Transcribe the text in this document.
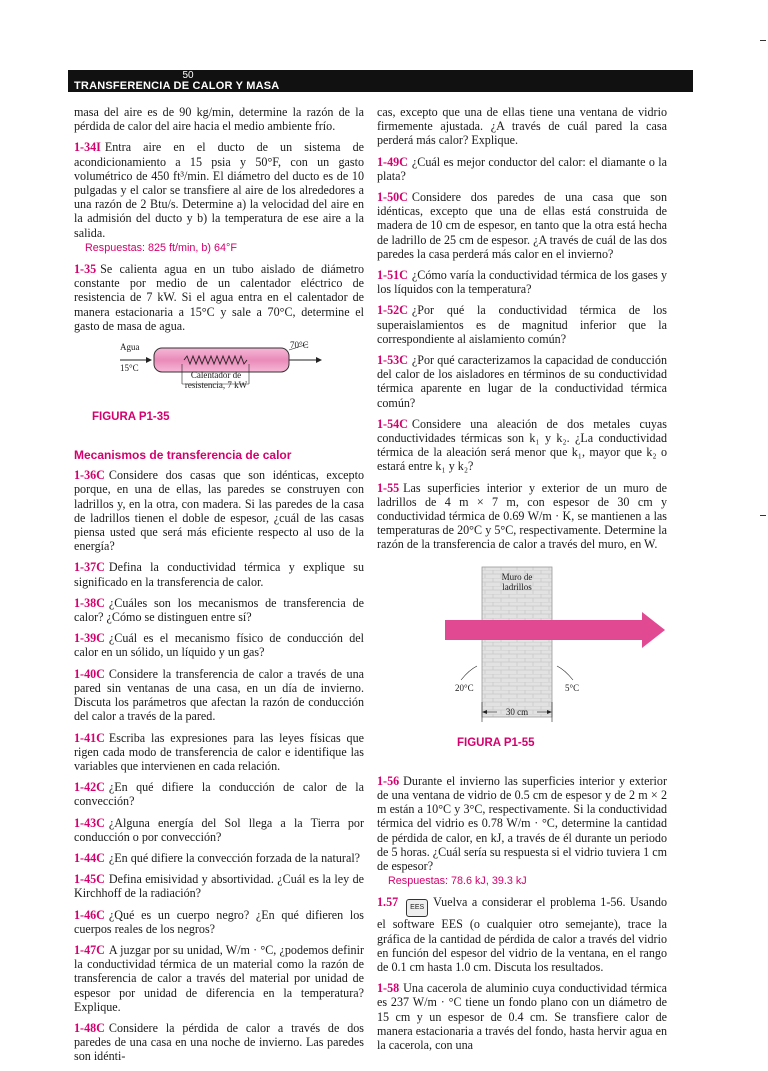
50
TRANSFERENCIA DE CALOR Y MASA

masa del aire es de 90 kg/min, determine la razón de la pérdida de calor del aire hacia el medio ambiente frío.

1-34I Entra aire en el ducto de un sistema de acondicionamiento a 15 psia y 50°F, con un gasto volumétrico de 450 ft³/min. El diámetro del ducto es de 10 pulgadas y el calor se transfiere al aire de los alrededores a una razón de 2 Btu/s. Determine a) la velocidad del aire en la admisión del ducto y b) la temperatura de ese aire a la salida.

Respuestas: 825 ft/min, b) 64°F

1-35 Se calienta agua en un tubo aislado de diámetro constante por medio de un calentador eléctrico de resistencia de 7 kW. Si el agua entra en el calentador de manera estacionaria a 15°C y sale a 70°C, determine el gasto de masa de agua.

Agua
15°C
70°C
Calentador de
resistencia, 7 kW
FIGURA P1-35
Mecanismos de transferencia de calor

1-36C Considere dos casas que son idénticas, excepto porque, en una de ellas, las paredes se construyen con ladrillos y, en la otra, con madera. Si las paredes de la casa de ladrillos tienen el doble de espesor, ¿cuál de las casas piensa usted que será más eficiente respecto al uso de la energía?

1-37C Defina la conductividad térmica y explique su significado en la transferencia de calor.

1-38C ¿Cuáles son los mecanismos de transferencia de calor? ¿Cómo se distinguen entre sí?

1-39C ¿Cuál es el mecanismo físico de conducción del calor en un sólido, un líquido y un gas?

1-40C Considere la transferencia de calor a través de una pared sin ventanas de una casa, en un día de invierno. Discuta los parámetros que afectan la razón de conducción del calor a través de la pared.

1-41C Escriba las expresiones para las leyes físicas que rigen cada modo de transferencia de calor e identifique las variables que intervienen en cada relación.

1-42C ¿En qué difiere la conducción de calor de la convección?

1-43C ¿Alguna energía del Sol llega a la Tierra por conducción o por convección?

1-44C ¿En qué difiere la convección forzada de la natural?

1-45C Defina emisividad y absortividad. ¿Cuál es la ley de Kirchhoff de la radiación?

1-46C ¿Qué es un cuerpo negro? ¿En qué difieren los cuerpos reales de los negros?

1-47C A juzgar por su unidad, W/m · °C, ¿podemos definir la conductividad térmica de un material como la razón de transferencia de calor a través del material por unidad de espesor por unidad de diferencia en la temperatura? Explique.

1-48C Considere la pérdida de calor a través de dos paredes de una casa en una noche de invierno. Las paredes son idénti-

cas, excepto que una de ellas tiene una ventana de vidrio firmemente ajustada. ¿A través de cuál pared la casa perderá más calor? Explique.

1-49C ¿Cuál es mejor conductor del calor: el diamante o la plata?

1-50C Considere dos paredes de una casa que son idénticas, excepto que una de ellas está construida de madera de 10 cm de espesor, en tanto que la otra está hecha de ladrillo de 25 cm de espesor. ¿A través de cuál de las dos paredes la casa perderá más calor en el invierno?

1-51C ¿Cómo varía la conductividad térmica de los gases y los líquidos con la temperatura?

1-52C ¿Por qué la conductividad térmica de los superaislamientos es de magnitud inferior que la correspondiente al aislamiento común?

1-53C ¿Por qué caracterizamos la capacidad de conducción del calor de los aisladores en términos de su conductividad térmica aparente en lugar de la conductividad térmica común?

1-54C Considere una aleación de dos metales cuyas conductividades térmicas son k₁ y k₂. ¿La conductividad térmica de la aleación será menor que k₁, mayor que k₂ o estará entre k₁ y k₂?

1-55 Las superficies interior y exterior de un muro de ladrillos de 4 m × 7 m, con espesor de 30 cm y conductividad térmica de 0.69 W/m · K, se mantienen a las temperaturas de 20°C y 5°C, respectivamente. Determine la razón de la transferencia de calor a través del muro, en W.

Muro de
ladrillos
20°C	5°C
30 cm
FIGURA P1-55

1-56 Durante el invierno las superficies interior y exterior de una ventana de vidrio de 0.5 cm de espesor y de 2 m × 2 m están a 10°C y 3°C, respectivamente. Si la conductividad térmica del vidrio es 0.78 W/m · °C, determine la cantidad de pérdida de calor, en kJ, a través de él durante un periodo de 5 horas. ¿Cuál sería su respuesta si el vidrio tuviera 1 cm de espesor?

Respuestas: 78.6 kJ, 39.3 kJ

1.57 EES Vuelva a considerar el problema 1-56. Usando el software EES (o cualquier otro semejante), trace la gráfica de la cantidad de pérdida de calor a través del vidrio en función del espesor del vidrio de la ventana, en el rango de 0.1 cm hasta 1.0 cm. Discuta los resultados.

1-58 Una cacerola de aluminio cuya conductividad térmica es 237 W/m · °C tiene un fondo plano con un diámetro de 15 cm y un espesor de 0.4 cm. Se transfiere calor de manera estacionaria a través del fondo, hasta hervir agua en la cacerola, con una
